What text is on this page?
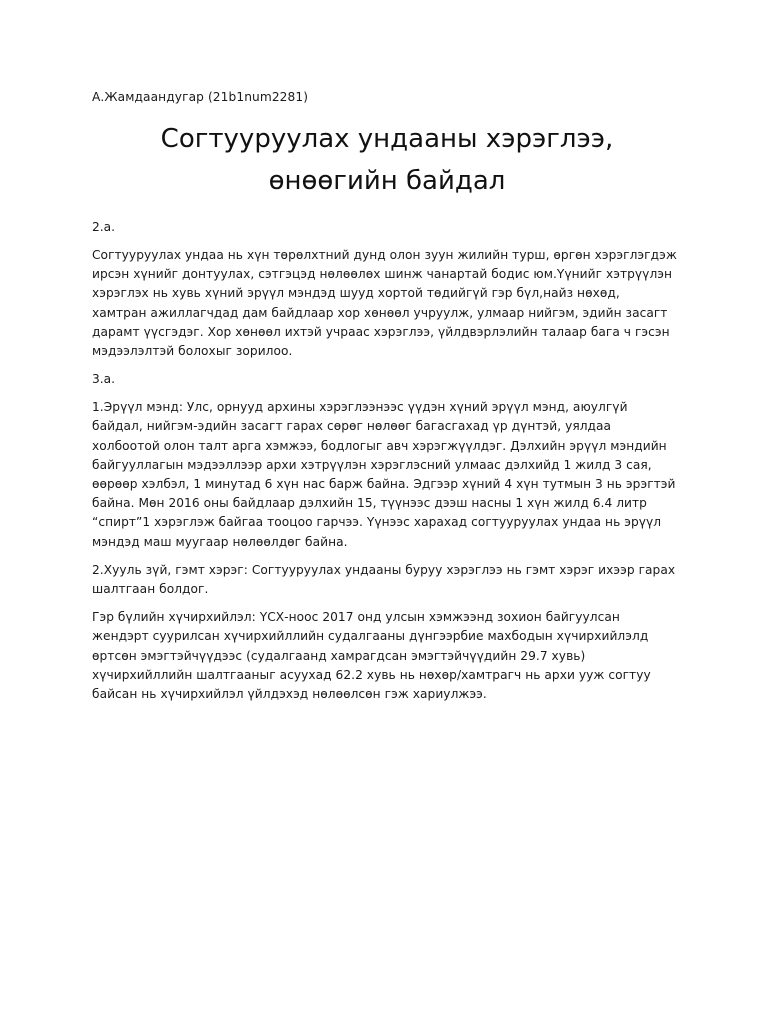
А.Жамдаандугар (21b1num2281)
Согтууруулах ундааны хэрэглээ,
өнөөгийн байдал
2.а.

Согтууруулах ундаа нь хүн төрөлхтний дунд олон зуун жилийн турш, өргөн хэрэглэгдэж
ирсэн хүнийг донтуулах, сэтгэцэд нөлөөлөх шинж чанартай бодис юм.Үүнийг хэтрүүлэн
хэрэглэх нь хувь хүний эрүүл мэндэд шууд хортой төдийгүй гэр бүл,найз нөхөд,
хамтран ажиллагчдад дам байдлаар хор хөнөөл учруулж, улмаар нийгэм, эдийн засагт
дарамт үүсгэдэг. Хор хөнөөл ихтэй учраас хэрэглээ, үйлдвэрлэлийн талаар бага ч гэсэн
мэдээлэлтэй болохыг зорилоо.

3.а.

1.Эрүүл мэнд: Улс, орнууд архины хэрэглээнээс үүдэн хүний эрүүл мэнд, аюулгүй
байдал, нийгэм-эдийн засагт гарах сөрөг нөлөөг багасгахад үр дүнтэй, уялдаа
холбоотой олон талт арга хэмжээ, бодлогыг авч хэрэгжүүлдэг. Дэлхийн эрүүл мэндийн
байгууллагын мэдээллээр архи хэтрүүлэн хэрэглэсний улмаас дэлхийд 1 жилд 3 сая,
өөрөөр хэлбэл, 1 минутад 6 хүн нас барж байна. Эдгээр хүний 4 хүн тутмын 3 нь эрэгтэй
байна. Мөн 2016 оны байдлаар дэлхийн 15, түүнээс дээш насны 1 хүн жилд 6.4 литр
“спирт”1 хэрэглэж байгаа тооцоо гарчээ. Үүнээс харахад согтууруулах ундаа нь эрүүл
мэндэд маш муугаар нөлөөлдөг байна.

2.Хууль зүй, гэмт хэрэг: Согтууруулах ундааны буруу хэрэглээ нь гэмт хэрэг ихээр гарах
шалтгаан болдог.

Гэр бүлийн хүчирхийлэл: ҮСХ-ноос 2017 онд улсын хэмжээнд зохион байгуулсан
жендэрт суурилсан хүчирхийллийн судалгааны дүнгээрбие махбодын хүчирхийлэлд
өртсөн эмэгтэйчүүдээс (судалгаанд хамрагдсан эмэгтэйчүүдийн 29.7 хувь)
хүчирхийллийн шалтгааныг асуухад 62.2 хувь нь нөхөр/хамтрагч нь архи ууж согтуу
байсан нь хүчирхийлэл үйлдэхэд нөлөөлсөн гэж хариулжээ.
